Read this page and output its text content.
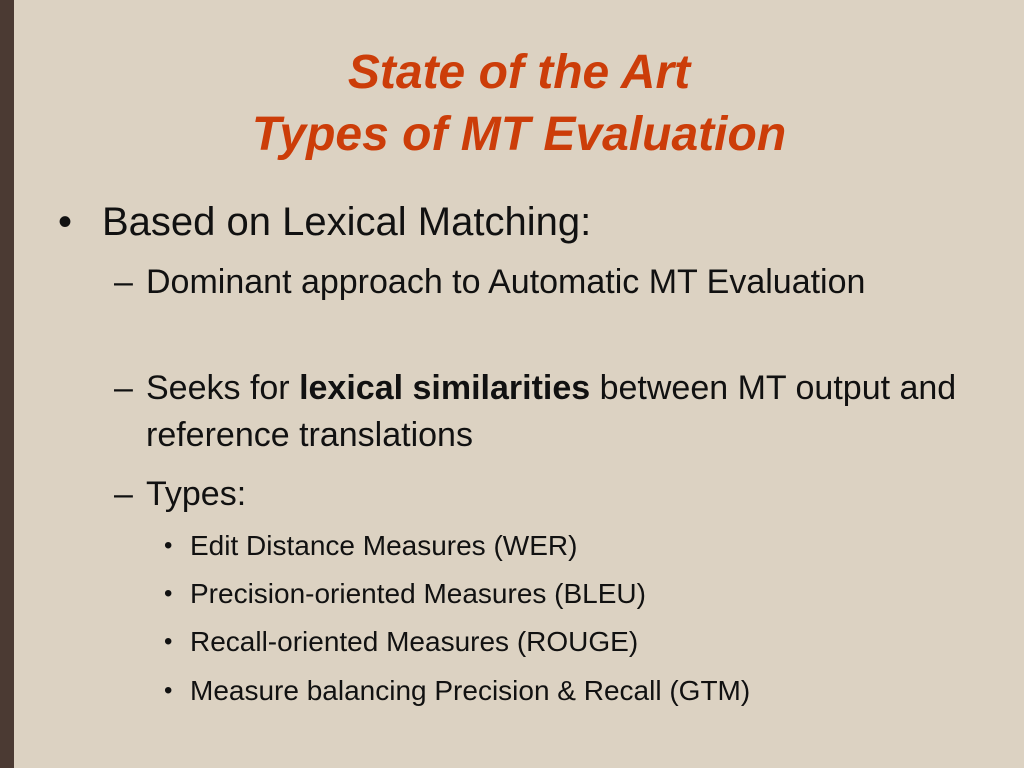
State of the Art
Types of MT Evaluation
• Based on Lexical Matching:
– Dominant approach to Automatic MT Evaluation
– Seeks for lexical similarities between MT output and reference translations
– Types:
• Edit Distance Measures (WER)
• Precision-oriented Measures (BLEU)
• Recall-oriented Measures (ROUGE)
• Measure balancing Precision & Recall (GTM)
